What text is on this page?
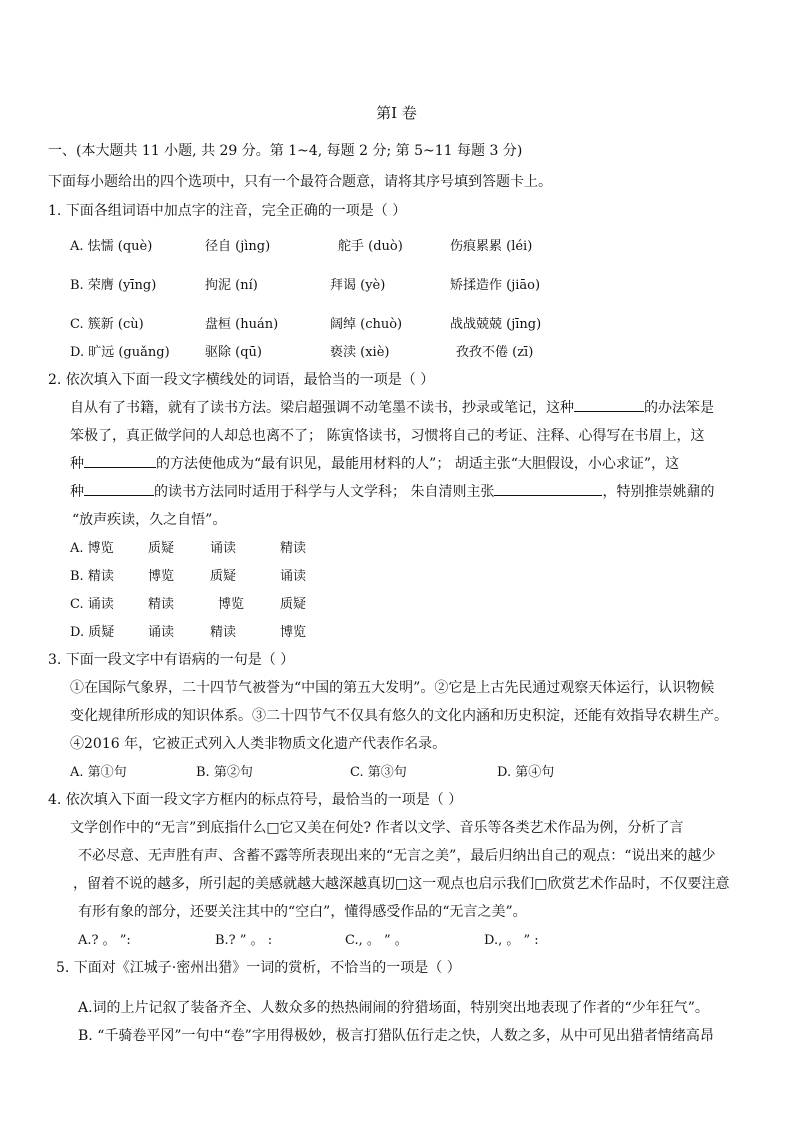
第Ⅰ 卷
一、(本大题共 11 小题, 共 29 分。第 1~4, 每题 2 分; 第 5~11 每题 3 分)
下面每小题给出的四个选项中，只有一个最符合题意，请将其序号填到答题卡上。
1. 下面各组词语中加点字的注音，完全正确的一项是（ ）
A. 怯懦 (què)	径自 (jìng)	舵手 (duò)	伤痕累累 (léi)
B. 荣膺 (yīng)	拘泥 (ní)	拜谒 (yè)	矫揉造作 (jiāo)
C. 簇新 (cù)	盘桓 (huán)	阔绰 (chuò)	战战兢兢 (jīng)
D. 旷远 (guǎng)	驱除 (qū)	亵渎 (xiè)	孜孜不倦 (zī)
2. 依次填入下面一段文字横线处的词语，最恰当的一项是（ ）
自从有了书籍，就有了读书方法。梁启超强调不动笔墨不读书，抄录或笔记，这种	的办法笨是
笨极了，真正做学问的人却总也离不了； 陈寅恪读书，习惯将自己的考证、注释、心得写在书眉上，这
种	的方法使他成为“最有识见，最能用材料的人”； 胡适主张“大胆假设，小心求证”，这
种	的读书方法同时适用于科学与人文学科； 朱自清则主张	，特别推崇姚鼐的
“放声疾读，久之自悟”。
A. 博览	质疑	诵读	精读
B. 精读	博览	质疑	诵读
C. 诵读	精读	博览	质疑
D. 质疑	诵读	精读	博览
3. 下面一段文字中有语病的一句是（ ）
①在国际气象界，二十四节气被誉为“中国的第五大发明”。②它是上古先民通过观察天体运行，认识物候
变化规律所形成的知识体系。③二十四节气不仅具有悠久的文化内涵和历史积淀，还能有效指导农耕生产。
④2016 年，它被正式列入人类非物质文化遗产代表作名录。
A. 第①句	B. 第②句	C. 第③句	D. 第④句
4. 依次填入下面一段文字方框内的标点符号，最恰当的一项是（ ）
文学创作中的“无言”到底指什么□它又美在何处? 作者以文学、音乐等各类艺术作品为例，分析了言
不必尽意、无声胜有声、含蓄不露等所表现出来的“无言之美”，最后归纳出自己的观点：“说出来的越少
，留着不说的越多，所引起的美感就越大越深越真切□这一观点也启示我们□欣赏艺术作品时，不仅要注意
有形有象的部分，还要关注其中的“空白”，懂得感受作品的“无言之美”。
A.? 。 ”:	B.? ” 。 :	C., 。 ” 。	D., 。 ” :
5. 下面对《江城子·密州出猎》一词的赏析，不恰当的一项是（ ）
A.词的上片记叙了装备齐全、人数众多的热热闹闹的狩猎场面，特别突出地表现了作者的“少年狂气”。
B. “千骑卷平冈”一句中“卷”字用得极妙，极言打猎队伍行走之快，人数之多，从中可见出猎者情绪高昂
